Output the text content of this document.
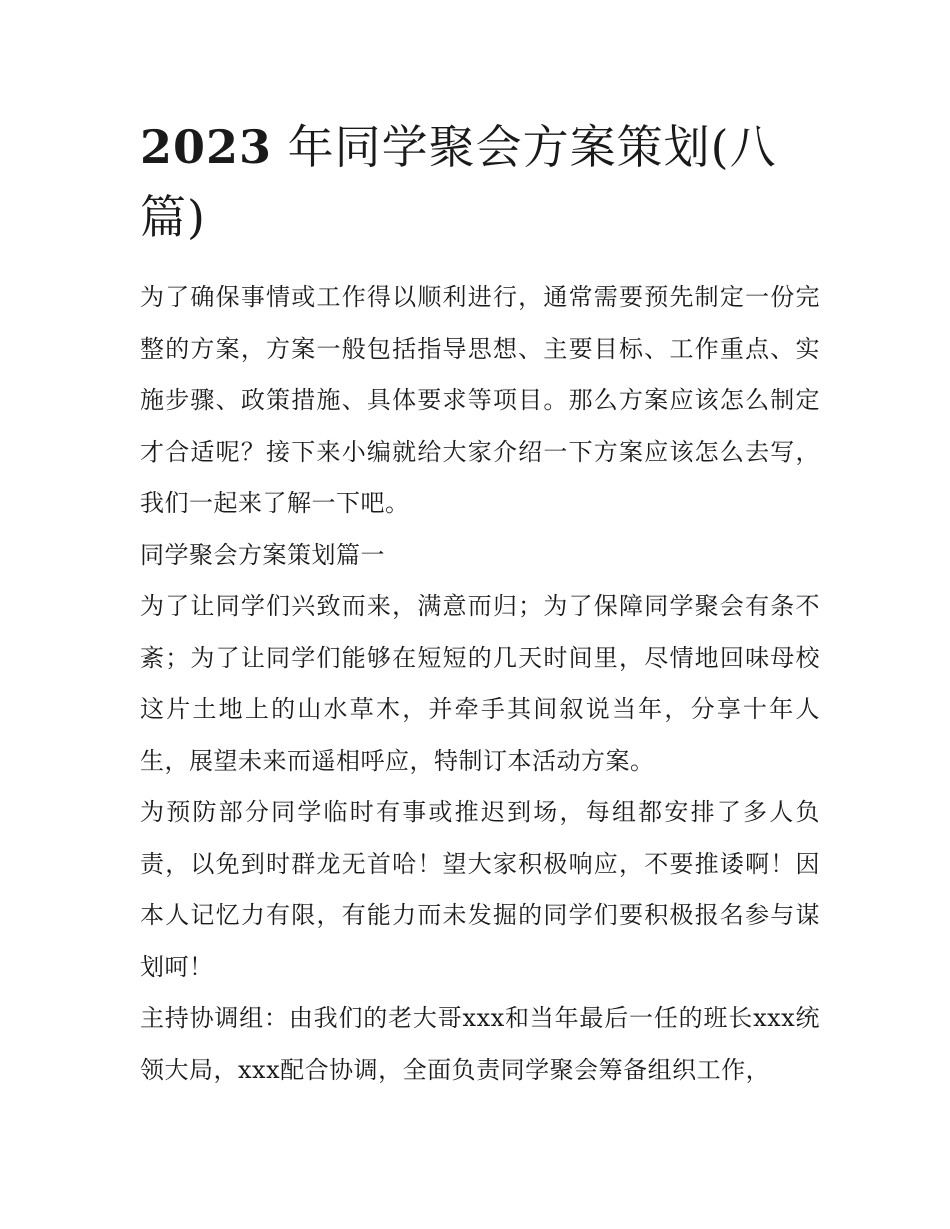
2023 年同学聚会方案策划(八篇)

为了确保事情或工作得以顺利进行，通常需要预先制定一份完整的方案，方案一般包括指导思想、主要目标、工作重点、实施步骤、政策措施、具体要求等项目。那么方案应该怎么制定才合适呢？接下来小编就给大家介绍一下方案应该怎么去写，我们一起来了解一下吧。

同学聚会方案策划篇一

为了让同学们兴致而来，满意而归；为了保障同学聚会有条不紊；为了让同学们能够在短短的几天时间里，尽情地回味母校这片土地上的山水草木，并牵手其间叙说当年，分享十年人生，展望未来而遥相呼应，特制订本活动方案。

为预防部分同学临时有事或推迟到场，每组都安排了多人负责，以免到时群龙无首哈！望大家积极响应，不要推诿啊！因本人记忆力有限，有能力而未发掘的同学们要积极报名参与谋划呵！

主持协调组：由我们的老大哥xxx和当年最后一任的班长xxx统领大局，xxx配合协调，全面负责同学聚会筹备组织工作，
